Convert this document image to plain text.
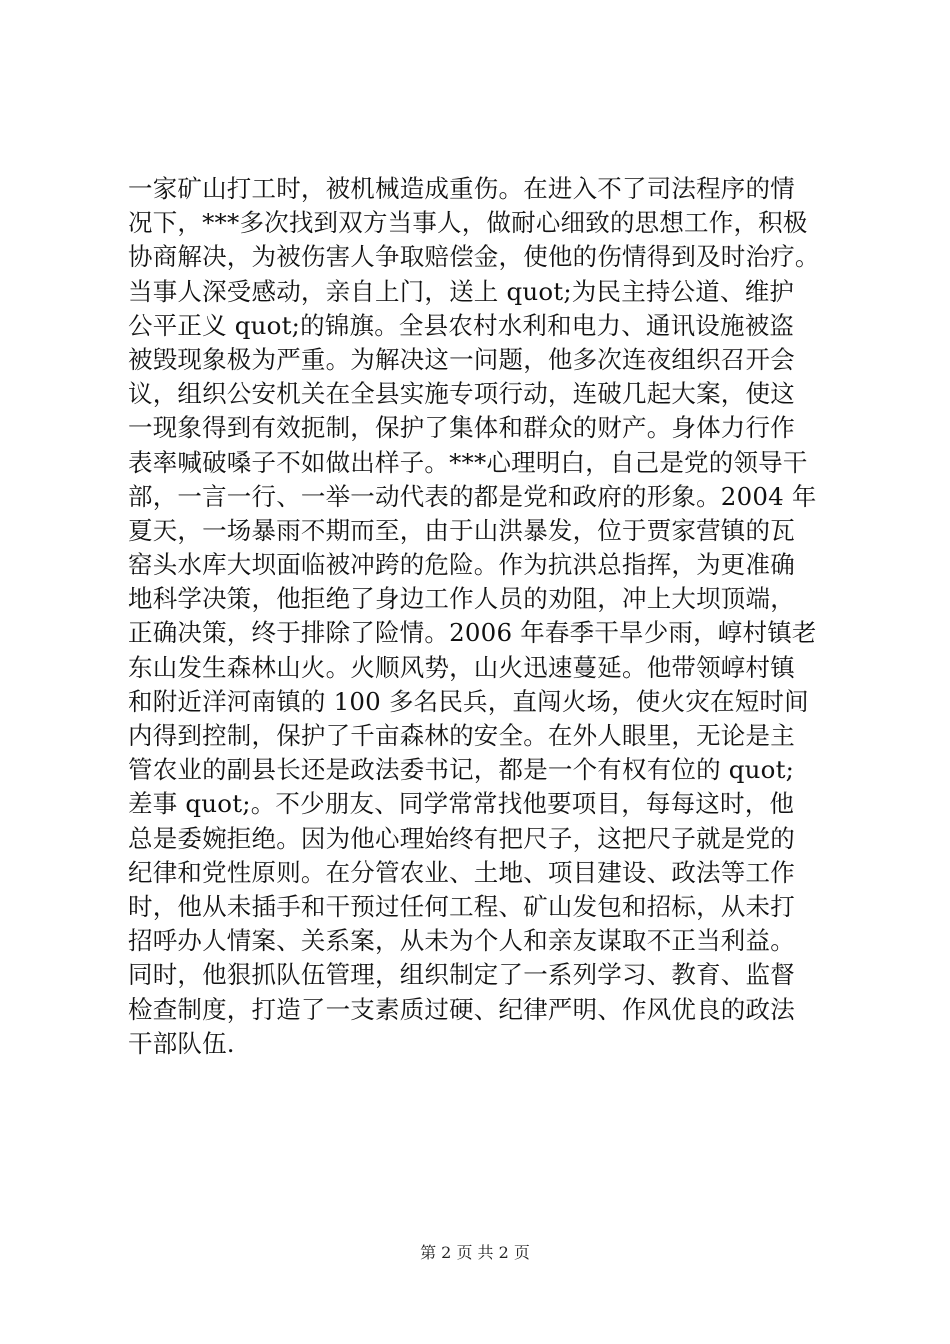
一家矿山打工时，被机械造成重伤。在进入不了司法程序的情
况下，***多次找到双方当事人，做耐心细致的思想工作，积极
协商解决，为被伤害人争取赔偿金，使他的伤情得到及时治疗。
当事人深受感动，亲自上门，送上 quot;为民主持公道、维护
公平正义 quot;的锦旗。全县农村水利和电力、通讯设施被盗
被毁现象极为严重。为解决这一问题，他多次连夜组织召开会
议，组织公安机关在全县实施专项行动，连破几起大案，使这
一现象得到有效扼制，保护了集体和群众的财产。身体力行作
表率喊破嗓子不如做出样子。***心理明白，自己是党的领导干
部，一言一行、一举一动代表的都是党和政府的形象。2004 年
夏天，一场暴雨不期而至，由于山洪暴发，位于贾家营镇的瓦
窑头水库大坝面临被冲跨的危险。作为抗洪总指挥，为更准确
地科学决策，他拒绝了身边工作人员的劝阻，冲上大坝顶端，
正确决策，终于排除了险情。2006 年春季干旱少雨，崞村镇老
东山发生森林山火。火顺风势，山火迅速蔓延。他带领崞村镇
和附近洋河南镇的 100 多名民兵，直闯火场，使火灾在短时间
内得到控制，保护了千亩森林的安全。在外人眼里，无论是主
管农业的副县长还是政法委书记，都是一个有权有位的 quot;
差事 quot;。不少朋友、同学常常找他要项目，每每这时，他
总是委婉拒绝。因为他心理始终有把尺子，这把尺子就是党的
纪律和党性原则。在分管农业、土地、项目建设、政法等工作
时，他从未插手和干预过任何工程、矿山发包和招标，从未打
招呼办人情案、关系案，从未为个人和亲友谋取不正当利益。
同时，他狠抓队伍管理，组织制定了一系列学习、教育、监督
检查制度，打造了一支素质过硬、纪律严明、作风优良的政法
干部队伍.
第 2 页 共 2 页
